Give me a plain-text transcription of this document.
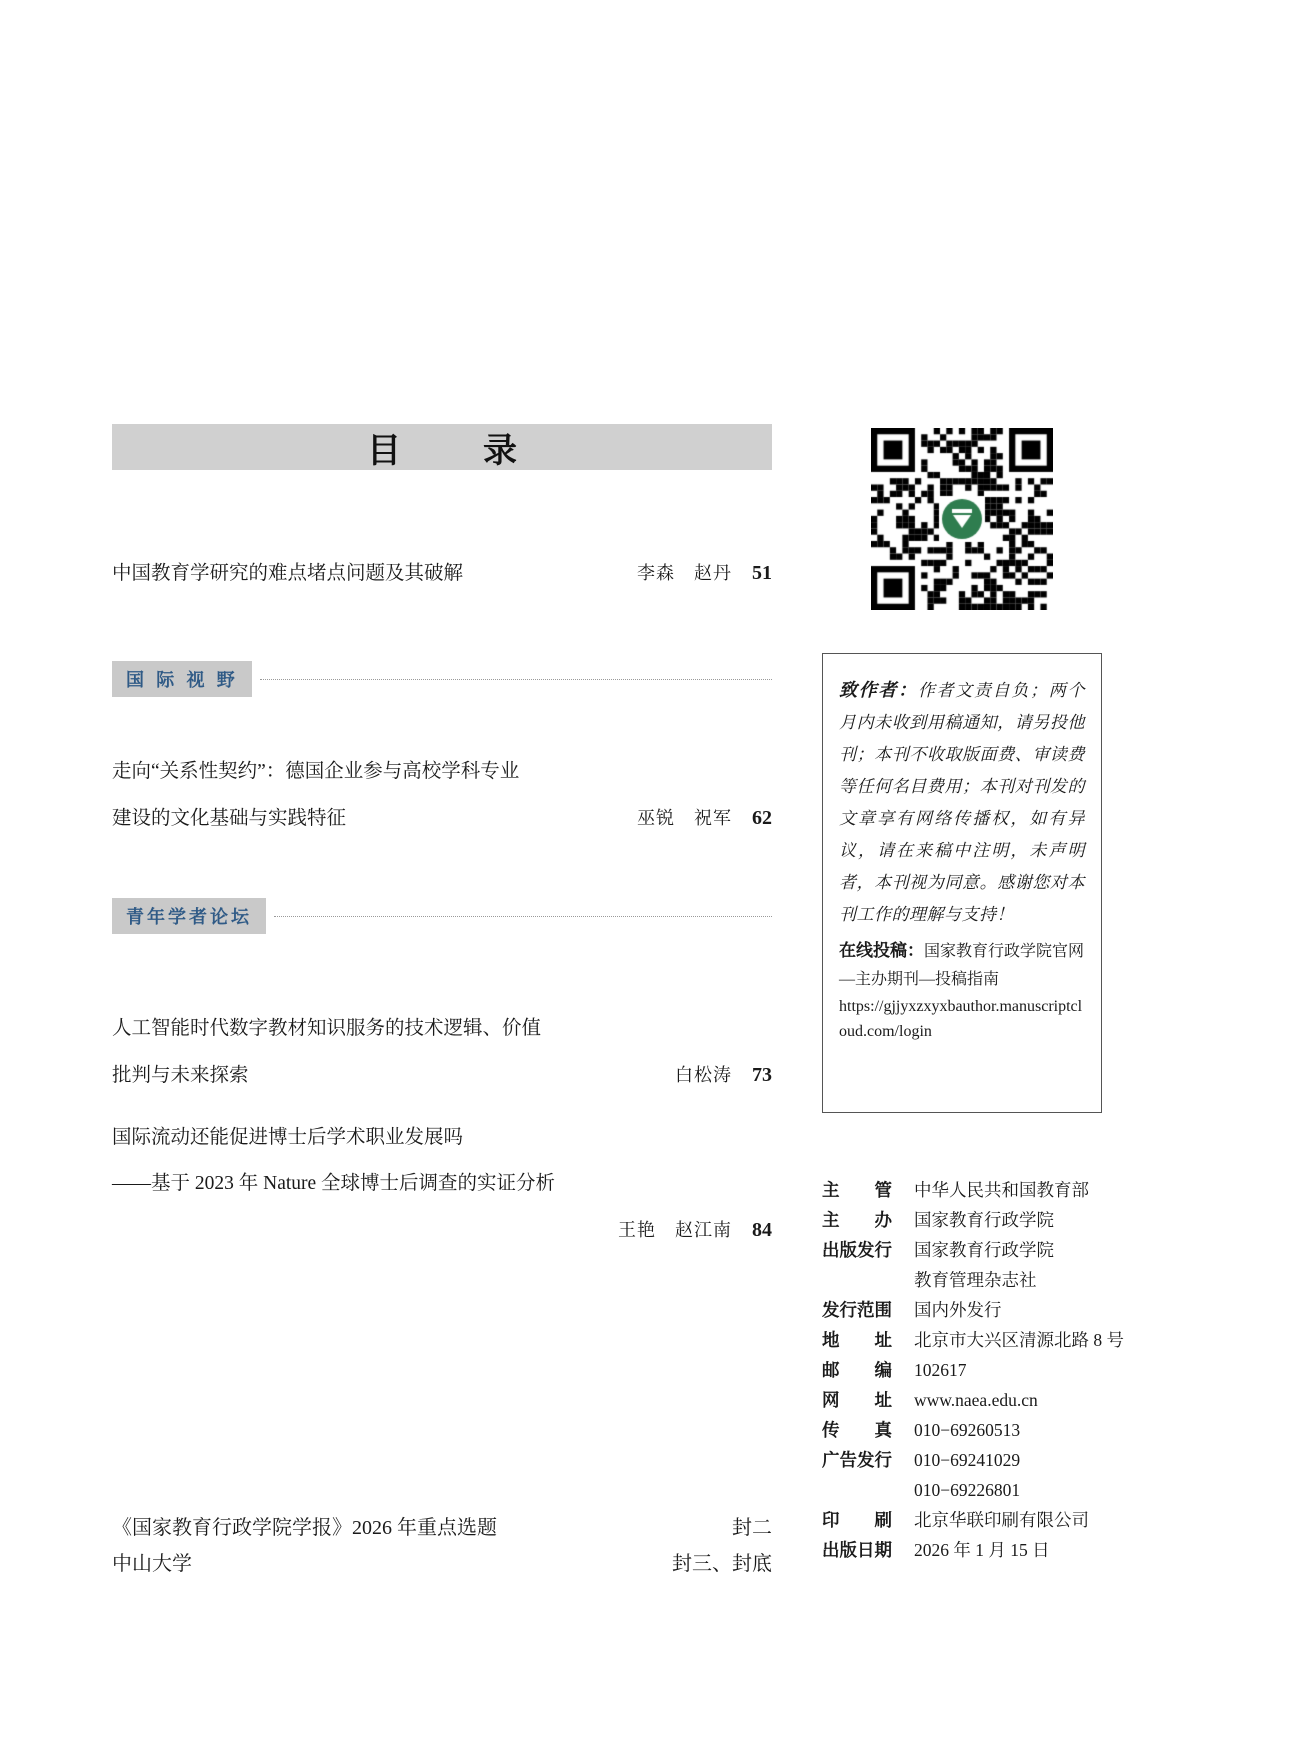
目　录
中国教育学研究的难点堵点问题及其破解	李森　赵丹	51
国 际 视 野
走向“关系性契约”：德国企业参与高校学科专业
建设的文化基础与实践特征	巫锐　祝军	62
青年学者论坛
人工智能时代数字教材知识服务的技术逻辑、价值
批判与未来探索	白松涛	73
国际流动还能促进博士后学术职业发展吗
——基于 2023 年 Nature 全球博士后调查的实证分析
王艳　赵江南	84
《国家教育行政学院学报》2026 年重点选题	封二
中山大学	封三、封底
致作者：作者文责自负；两个月内未收到用稿通知，请另投他刊；本刊不收取版面费、审读费等任何名目费用；本刊对刊发的文章享有网络传播权，如有异议，请在来稿中注明，未声明者，本刊视为同意。感谢您对本刊工作的理解与支持！
在线投稿：国家教育行政学院官网—主办期刊—投稿指南
https://gjjyxzxyxbauthor.manuscriptcloud.com/login
主　　管	中华人民共和国教育部
主　　办	国家教育行政学院
出版发行	国家教育行政学院
教育管理杂志社
发行范围	国内外发行
地　　址	北京市大兴区清源北路 8 号
邮　　编	102617
网　　址	www.naea.edu.cn
传　　真	010−69260513
广告发行	010−69241029
010−69226801
印　　刷	北京华联印刷有限公司
出版日期	2026 年 1 月 15 日
